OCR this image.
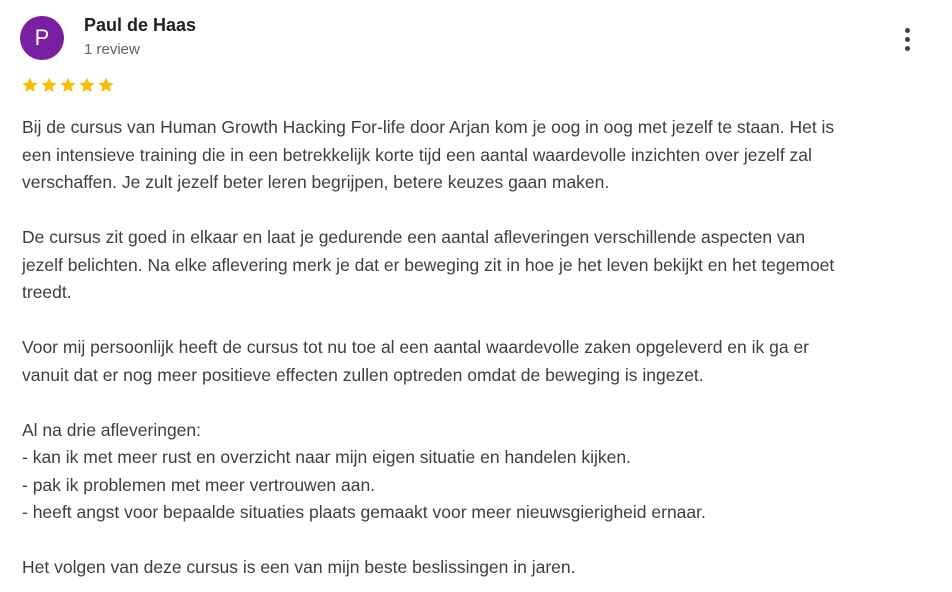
P	Paul de Haas
1 review

Bij de cursus van Human Growth Hacking For-life door Arjan kom je oog in oog met jezelf te staan. Het is

een intensieve training die in een betrekkelijk korte tijd een aantal waardevolle inzichten over jezelf zal

verschaffen. Je zult jezelf beter leren begrijpen, betere keuzes gaan maken.

De cursus zit goed in elkaar en laat je gedurende een aantal afleveringen verschillende aspecten van

jezelf belichten. Na elke aflevering merk je dat er beweging zit in hoe je het leven bekijkt en het tegemoet

treedt.

Voor mij persoonlijk heeft de cursus tot nu toe al een aantal waardevolle zaken opgeleverd en ik ga er

vanuit dat er nog meer positieve effecten zullen optreden omdat de beweging is ingezet.

Al na drie afleveringen:

- kan ik met meer rust en overzicht naar mijn eigen situatie en handelen kijken.

- pak ik problemen met meer vertrouwen aan.

- heeft angst voor bepaalde situaties plaats gemaakt voor meer nieuwsgierigheid ernaar.

Het volgen van deze cursus is een van mijn beste beslissingen in jaren.
